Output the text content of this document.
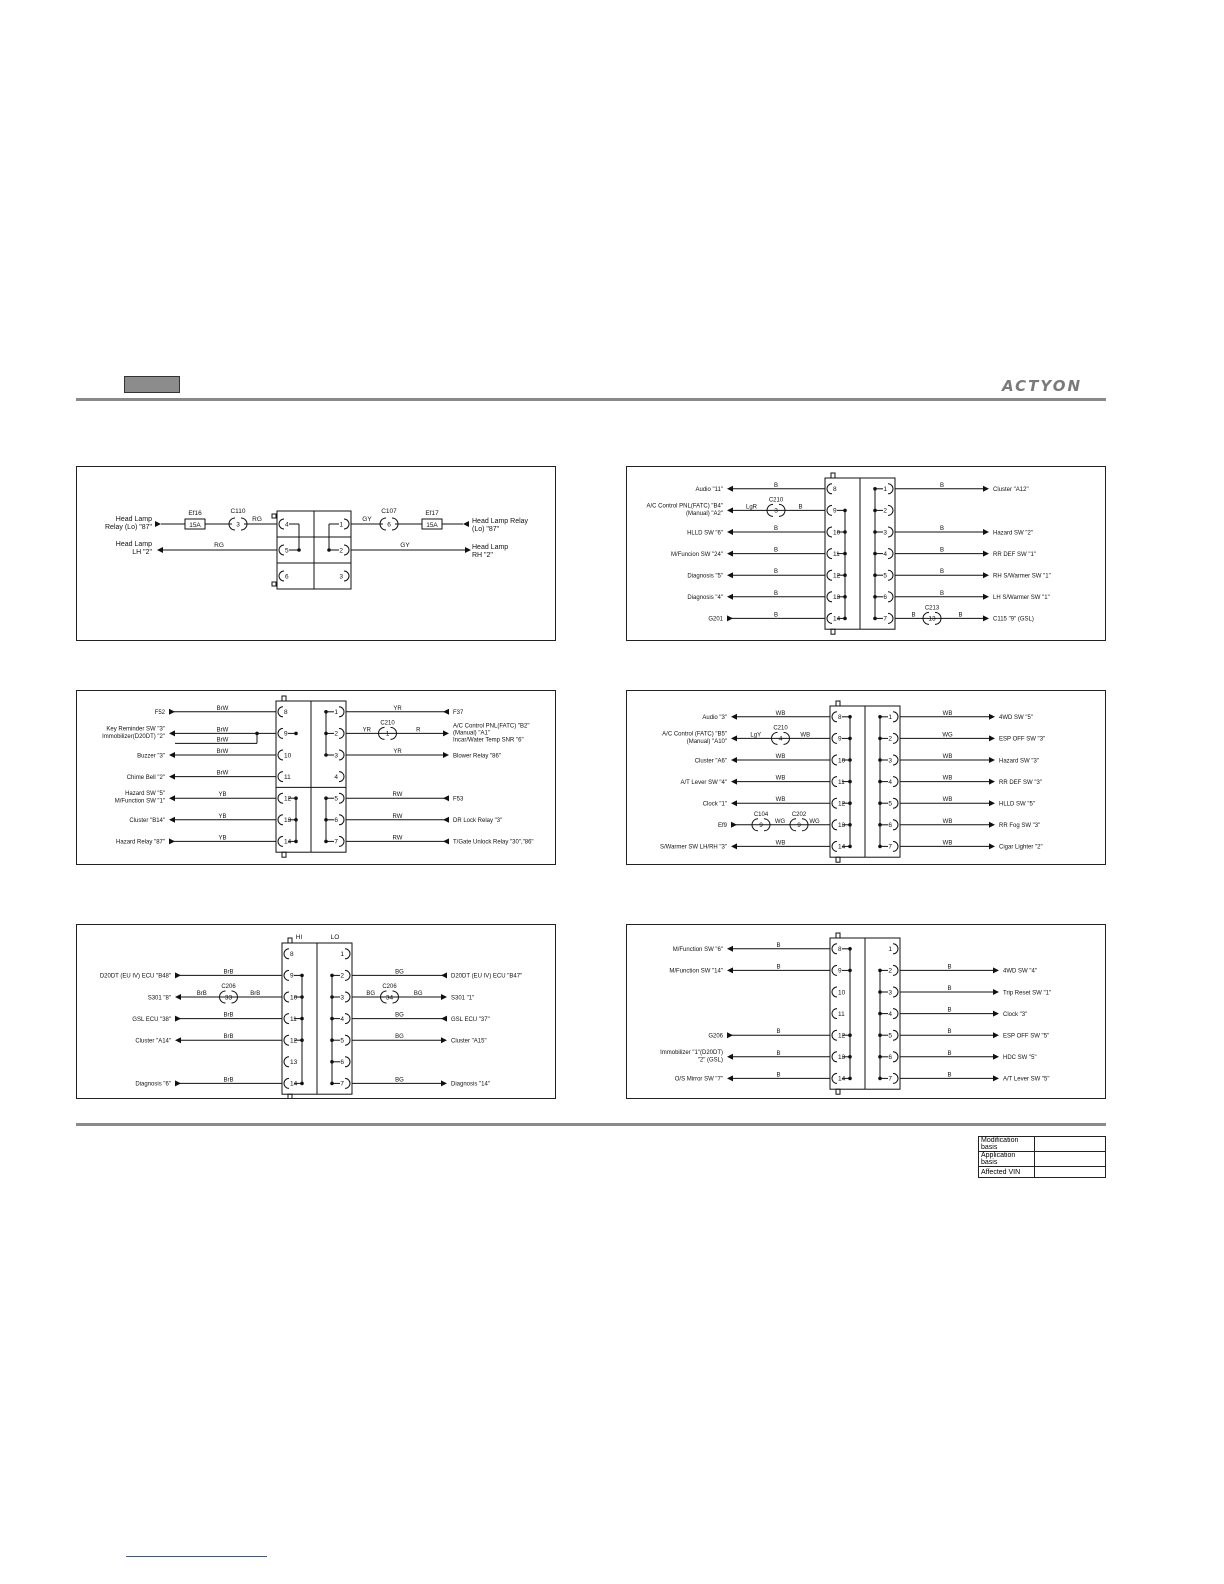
ACTYON
4	1
5	2
6	3
Head Lamp
Relay (Lo) "87"	15A
Ef16
3
C110
RG
Head Lamp
LH "2"
RG
GY
6
C107
15A
Ef17
Head Lamp Relay
(Lo) "87"
GY	Head Lamp
RH "2"
8	1
9	2
10	3
11	4
12	5
13	6
14	7
F52
BrW
Key Reminder SW "3"
Immobilizer(D20DT) "2"
BrW
BrW
Buzzer "3"
BrW
Chime Bell "2"
BrW
Hazard SW "5"
M/Function SW "1"
YB
Cluster "B14"
YB
Hazard Relay "87"
YB
F37
YR
A/C Control PNL(FATC) "B2"
(Manual) "A1"
Incar/Water Temp SNR "6"
1
C210
YR	R
Blower Relay "86"
YR
F53
RW
DR Lock Relay "3"
RW
T/Gate Unlock Relay "30","86"
RW
HI	LO
8	1
9	2
10	3
11	4
12	5
13	6
14	7
D20DT (EU IV) ECU "B48"
BrB
S301 "8"	33
C206
BrB	BrB
GSL ECU "38"
BrB
Cluster "A14"
BrB
Diagnosis "6"
BrB
D20DT (EU IV) ECU "B47"
BG
S301 "1"
34
C206
BG	BG
GSL ECU "37"
BG
Cluster "A15"
BG
Diagnosis "14"
BG
8	1
9	2
10	3
11	4
12	5
13	6
14	7
Audio "11"
B
A/C Control PNL(FATC) "B4"
(Manual) "A2"	3
C210
LgR	B
HLLD SW "6"
B
M/Funcion SW "24"
B
Diagnosis "5"
B
Diagnosis "4"
B
G201
B
Cluster "A12"
B
Hazard SW "2"
B
RR DEF SW "1"
B
RH S/Warmer SW "1"
B
LH S/Warmer SW "1"
B
C115 "9" (GSL)
13
C213
B	B
8	1
9	2
10	3
11	4
12	5
13	6
14	7
Audio "3"
WB
A/C Control (FATC) "B5"
(Manual) "A10"	4
C210
LgY	WB
Cluster "A6"
WB
A/T Lever SW "4"
WB
Clock "1"
WB
Ef9	9
C104
9
C202
WG	WG
S/Warmer SW LH/RH "3"
WB
4WD SW "5"
WB
ESP OFF SW "3"
WG
Hazard SW "3"
WB
RR DEF SW "3"
WB
HLLD SW "5"
WB
RR Fog SW "3"
WB
Cigar Lighter "2"
WB
8	1
9	2
10	3
11	4
12	5
13	6
14	7
M/Function SW "6"
B
M/Function SW "14"
B
G206
B
Immobilizer "1"(D20DT)
"2" (GSL)
B
O/S Mirror SW "7"
B
4WD SW "4"
B
Trip Reset SW "1"
B
Clock "3"
B
ESP OFF SW "5"
B
HDC SW "5"
B
A/T Lever SW "5"
B
Modification basis	
Application basis	
Affected VIN	
